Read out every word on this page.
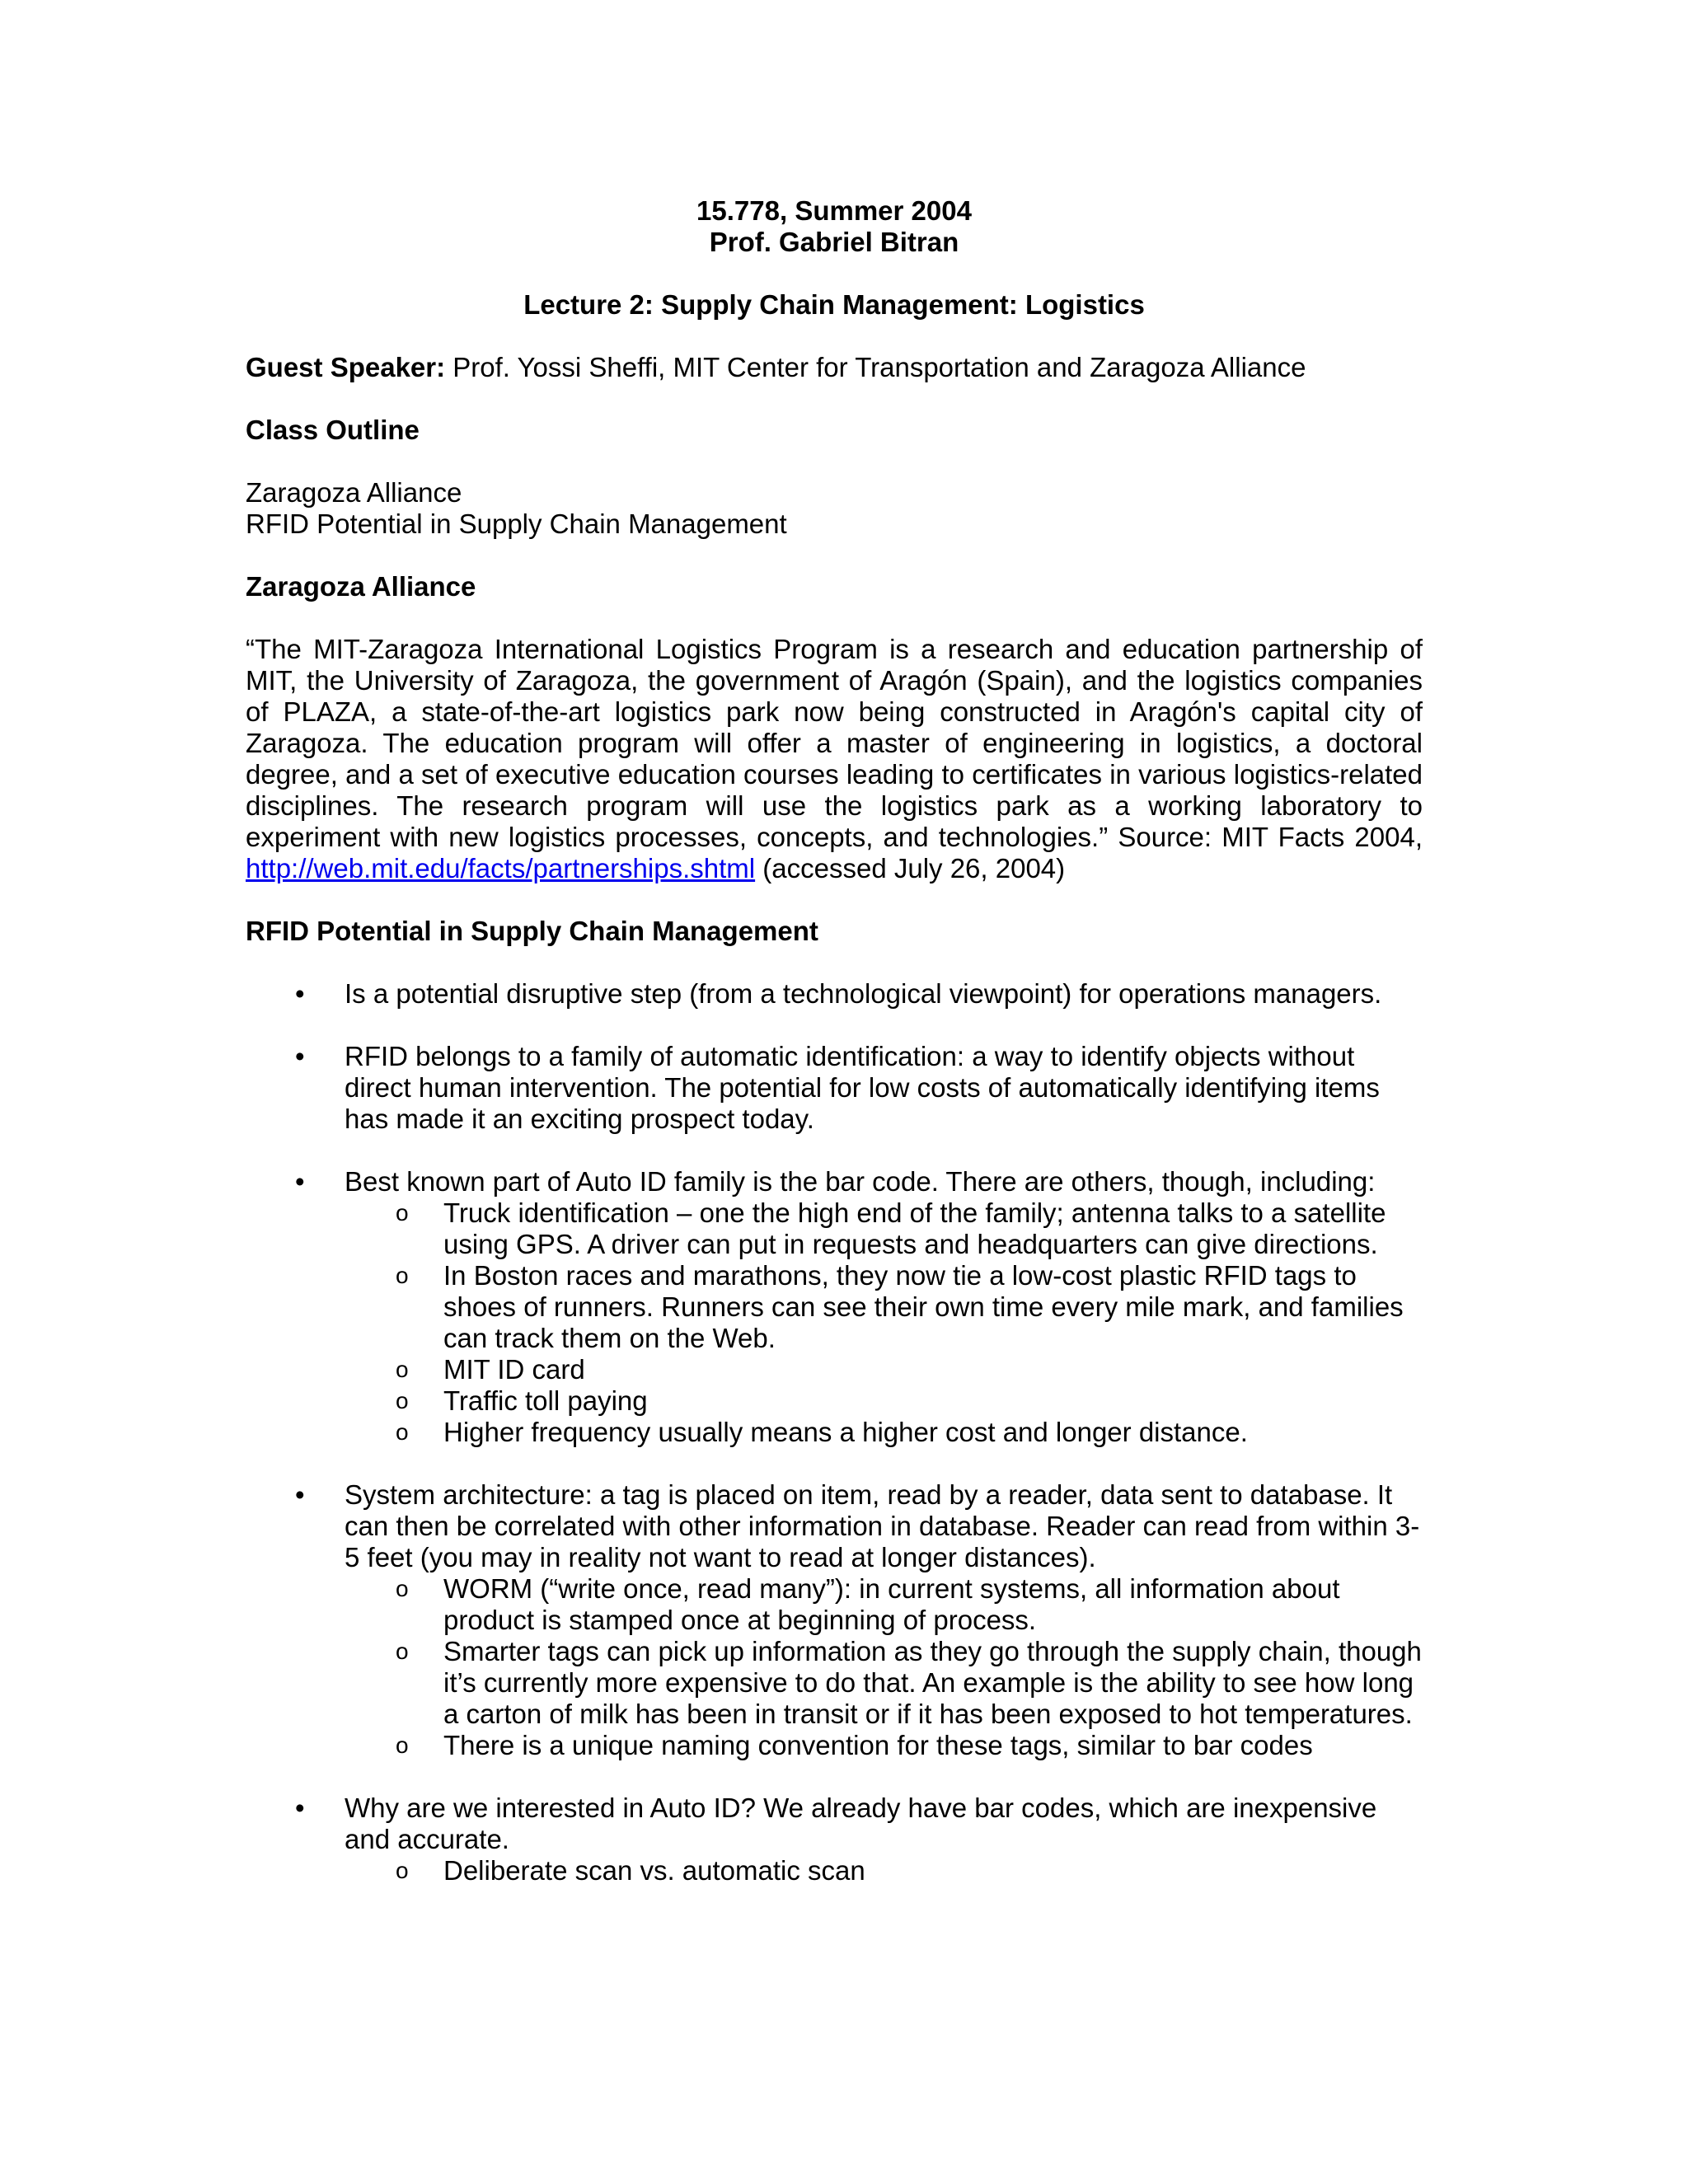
15.778, Summer 2004
Prof. Gabriel Bitran
Lecture 2: Supply Chain Management: Logistics
Guest Speaker: Prof. Yossi Sheffi, MIT Center for Transportation and Zaragoza Alliance
Class Outline
Zaragoza Alliance
RFID Potential in Supply Chain Management
Zaragoza Alliance

“The MIT-Zaragoza International Logistics Program is a research and education partnership of MIT, the University of Zaragoza, the government of Aragón (Spain), and the logistics companies of PLAZA, a state-of-the-art logistics park now being constructed in Aragón's capital city of Zaragoza. The education program will offer a master of engineering in logistics, a doctoral degree, and a set of executive education courses leading to certificates in various logistics-related disciplines. The research program will use the logistics park as a working laboratory to experiment with new logistics processes, concepts, and technologies.” Source: MIT Facts 2004, http://web.mit.edu/facts/partnerships.shtml (accessed July 26, 2004)

RFID Potential in Supply Chain Management
• Is a potential disruptive step (from a technological viewpoint) for operations managers.
• RFID belongs to a family of automatic identification: a way to identify objects without direct human intervention. The potential for low costs of automatically identifying items has made it an exciting prospect today.
• Best known part of Auto ID family is the bar code. There are others, though, including:
o Truck identification – one the high end of the family; antenna talks to a satellite using GPS. A driver can put in requests and headquarters can give directions.
o In Boston races and marathons, they now tie a low-cost plastic RFID tags to shoes of runners. Runners can see their own time every mile mark, and families can track them on the Web.
o MIT ID card
o Traffic toll paying
o Higher frequency usually means a higher cost and longer distance.
• System architecture: a tag is placed on item, read by a reader, data sent to database. It can then be correlated with other information in database. Reader can read from within 3-5 feet (you may in reality not want to read at longer distances).
o WORM (“write once, read many”): in current systems, all information about product is stamped once at beginning of process.
o Smarter tags can pick up information as they go through the supply chain, though it’s currently more expensive to do that. An example is the ability to see how long a carton of milk has been in transit or if it has been exposed to hot temperatures.
o There is a unique naming convention for these tags, similar to bar codes
• Why are we interested in Auto ID? We already have bar codes, which are inexpensive and accurate.
o Deliberate scan vs. automatic scan
